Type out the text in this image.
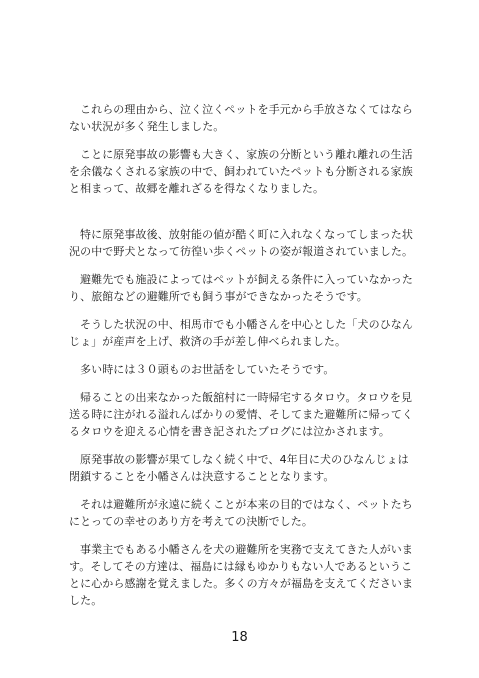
これらの理由から、泣く泣くペットを手元から手放さなくてはならない状況が多く発生しました。

ことに原発事故の影響も大きく、家族の分断という離れ離れの生活を余儀なくされる家族の中で、飼われていたペットも分断される家族と相まって、故郷を離れざるを得なくなりました。

特に原発事故後、放射能の値が酷く町に入れなくなってしまった状況の中で野犬となって彷徨い歩くペットの姿が報道されていました。

避難先でも施設によってはペットが飼える条件に入っていなかったり、旅館などの避難所でも飼う事ができなかったそうです。

そうした状況の中、相馬市でも小幡さんを中心とした「犬のひなんじょ」が産声を上げ、救済の手が差し伸べられました。

多い時には３０頭ものお世話をしていたそうです。

帰ることの出来なかった飯舘村に一時帰宅するタロウ。タロウを見送る時に注がれる溢れんばかりの愛情、そしてまた避難所に帰ってくるタロウを迎える心情を書き記されたブログには泣かされます。

原発事故の影響が果てしなく続く中で、4年目に犬のひなんじょは閉鎖することを小幡さんは決意することとなります。

それは避難所が永遠に続くことが本来の目的ではなく、ペットたちにとっての幸せのあり方を考えての決断でした。

事業主でもある小幡さんを犬の避難所を実務で支えてきた人がいます。そしてその方達は、福島には縁もゆかりもない人であるということに心から感謝を覚えました。多くの方々が福島を支えてくださいました。

18
